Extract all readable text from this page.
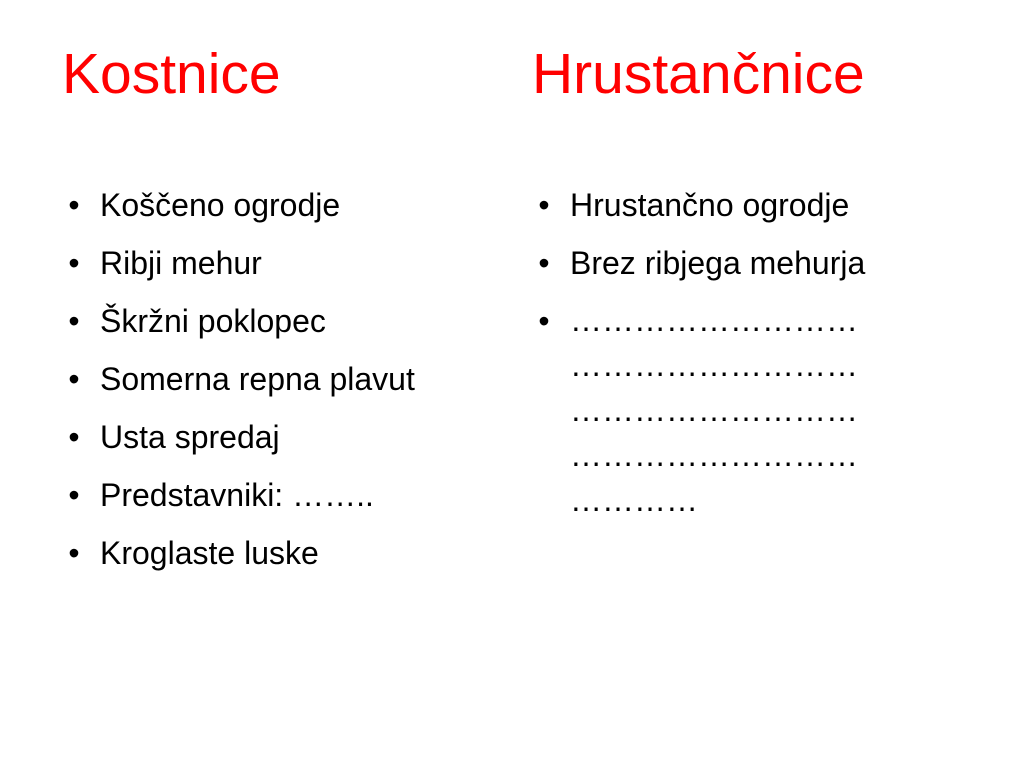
Kostnice
• Koščeno ogrodje
• Ribji mehur
• Škržni poklopec
• Somerna repna plavut
• Usta spredaj
• Predstavniki: ……..
• Kroglaste luske
Hrustančnice
• Hrustančno ogrodje
• Brez ribjega mehurja
• ………………………
………………………
………………………
………………………
…………
